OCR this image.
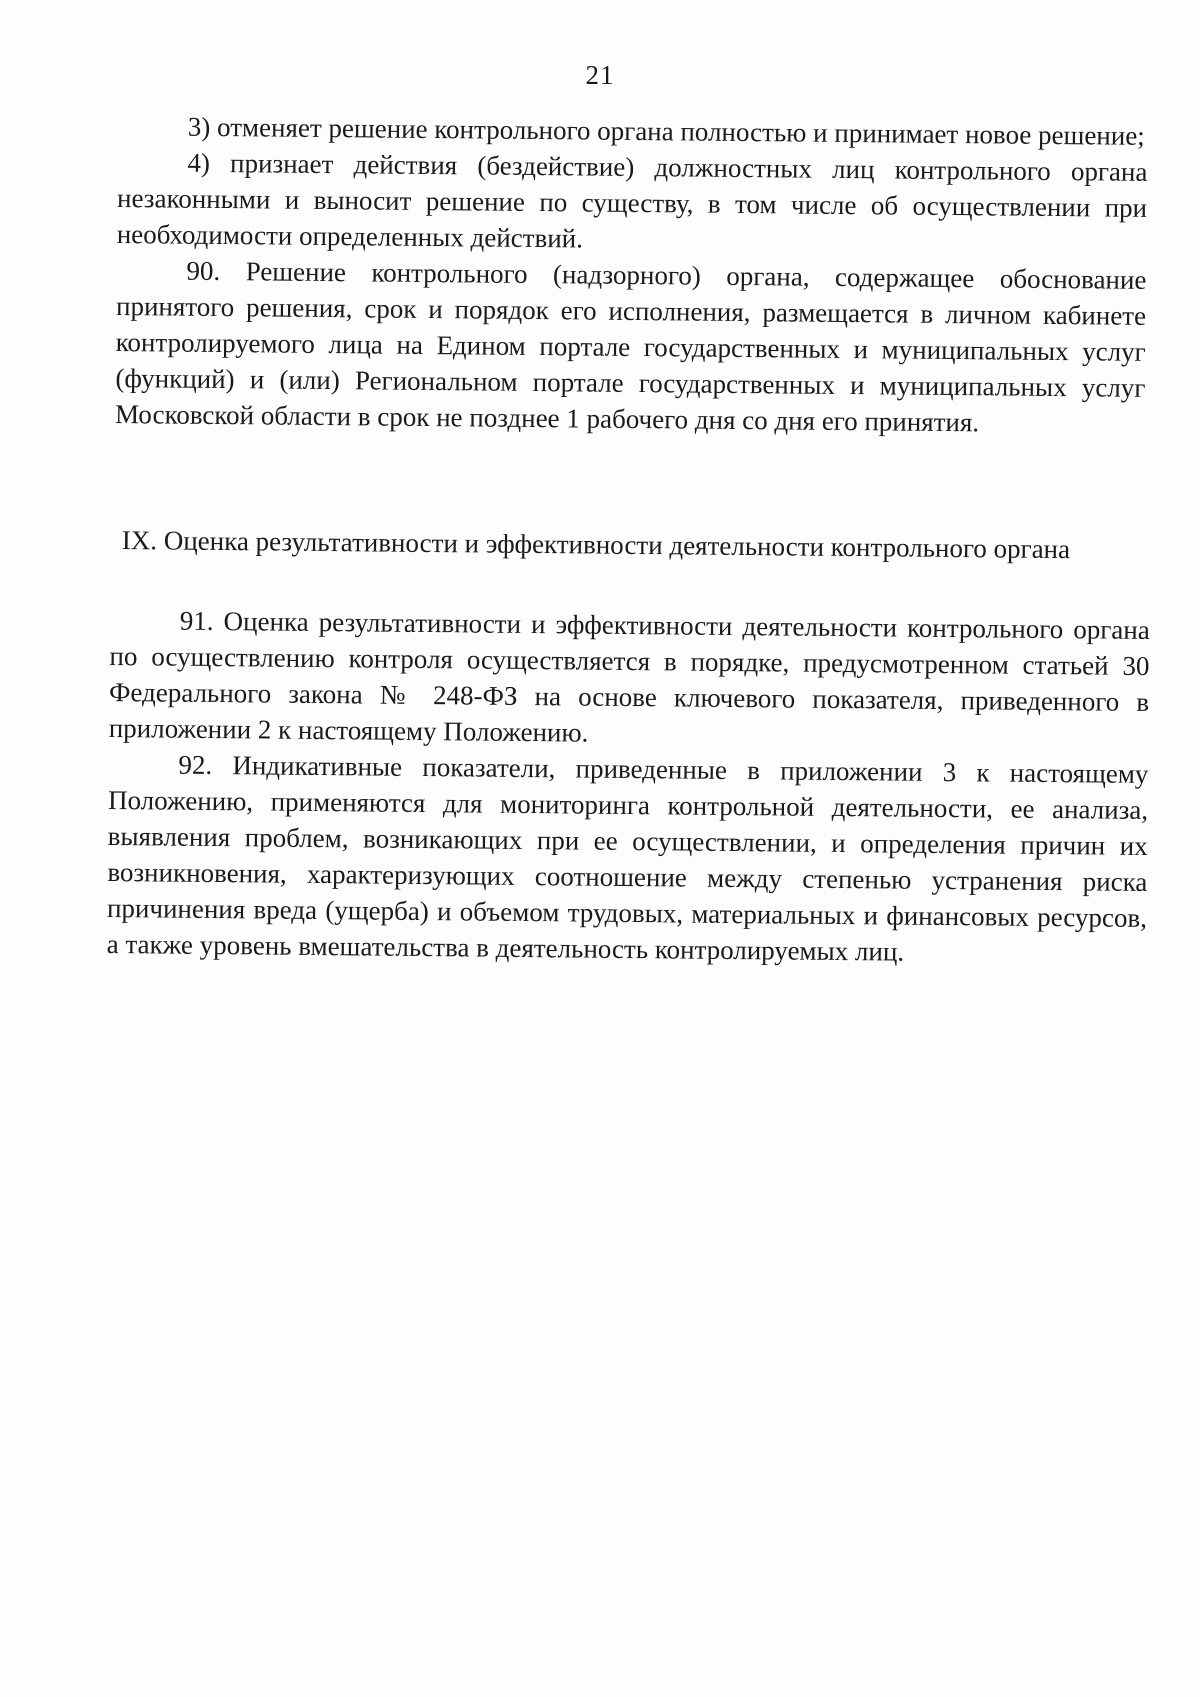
21

3) отменяет решение контрольного органа полностью и принимает новое решение;

4) признает действия (бездействие) должностных лиц контрольного органа незаконными и выносит решение по существу, в том числе об осуществлении при необходимости определенных действий.

90. Решение контрольного (надзорного) органа, содержащее обоснование принятого решения, срок и порядок его исполнения, размещается в личном кабинете контролируемого лица на Едином портале государственных и муниципальных услуг (функций) и (или) Региональном портале государственных и муниципальных услуг Московской области в срок не позднее 1 рабочего дня со дня его принятия.

IX. Оценка результативности и эффективности деятельности контрольного органа

91. Оценка результативности и эффективности деятельности контрольного органа по осуществлению контроля осуществляется в порядке, предусмотренном статьей 30 Федерального закона № 248-ФЗ на основе ключевого показателя, приведенного в приложении 2 к настоящему Положению.

92. Индикативные показатели, приведенные в приложении 3 к настоящему Положению, применяются для мониторинга контрольной деятельности, ее анализа, выявления проблем, возникающих при ее осуществлении, и определения причин их возникновения, характеризующих соотношение между степенью устранения риска причинения вреда (ущерба) и объемом трудовых, материальных и финансовых ресурсов, а также уровень вмешательства в деятельность контролируемых лиц.
